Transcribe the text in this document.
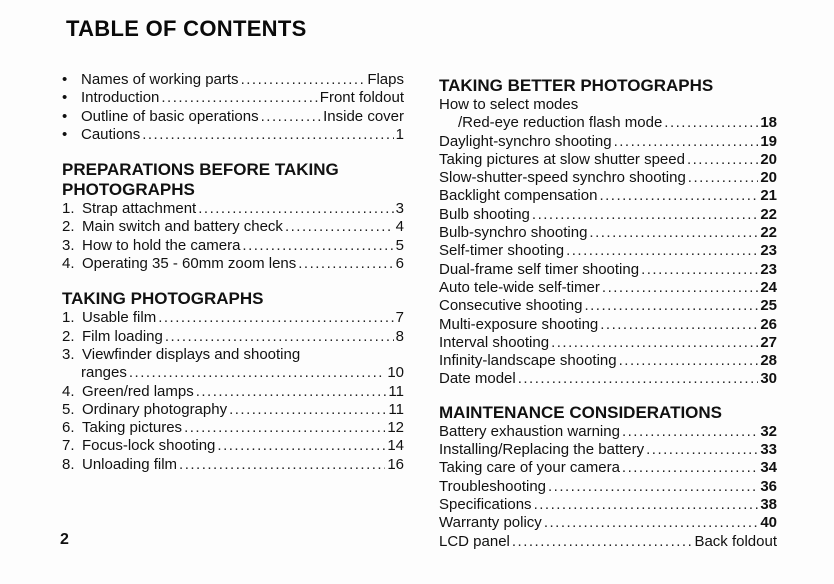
TABLE OF CONTENTS
• Names of working parts .....	Flaps
• Introduction .....	Front foldout
• Outline of basic operations .....	Inside cover
• Cautions .....	1
PREPARATIONS BEFORE TAKING
PHOTOGRAPHS
1. Strap attachment .....	3
2. Main switch and battery check .....	4
3. How to hold the camera .....	5
4. Operating 35 - 60mm zoom lens .....	6
TAKING PHOTOGRAPHS
1. Usable film .....	7
2. Film loading .....	8
3. Viewfinder displays and shooting
ranges .....	10
4. Green/red lamps .....	11
5. Ordinary photography .....	11
6. Taking pictures .....	12
7. Focus-lock shooting .....	14
8. Unloading film .....	16
TAKING BETTER PHOTOGRAPHS
How to select modes
/Red-eye reduction flash mode .....	18
Daylight-synchro shooting .....	19
Taking pictures at slow shutter speed .....	20
Slow-shutter-speed synchro shooting .....	20
Backlight compensation .....	21
Bulb shooting .....	22
Bulb-synchro shooting .....	22
Self-timer shooting .....	23
Dual-frame self timer shooting .....	23
Auto tele-wide self-timer .....	24
Consecutive shooting .....	25
Multi-exposure shooting .....	26
Interval shooting .....	27
Infinity-landscape shooting .....	28
Date model .....	30
MAINTENANCE CONSIDERATIONS
Battery exhaustion warning .....	32
Installing/Replacing the battery .....	33
Taking care of your camera .....	34
Troubleshooting .....	36
Specifications .....	38
Warranty policy .....	40
LCD panel .....	Back foldout
2
